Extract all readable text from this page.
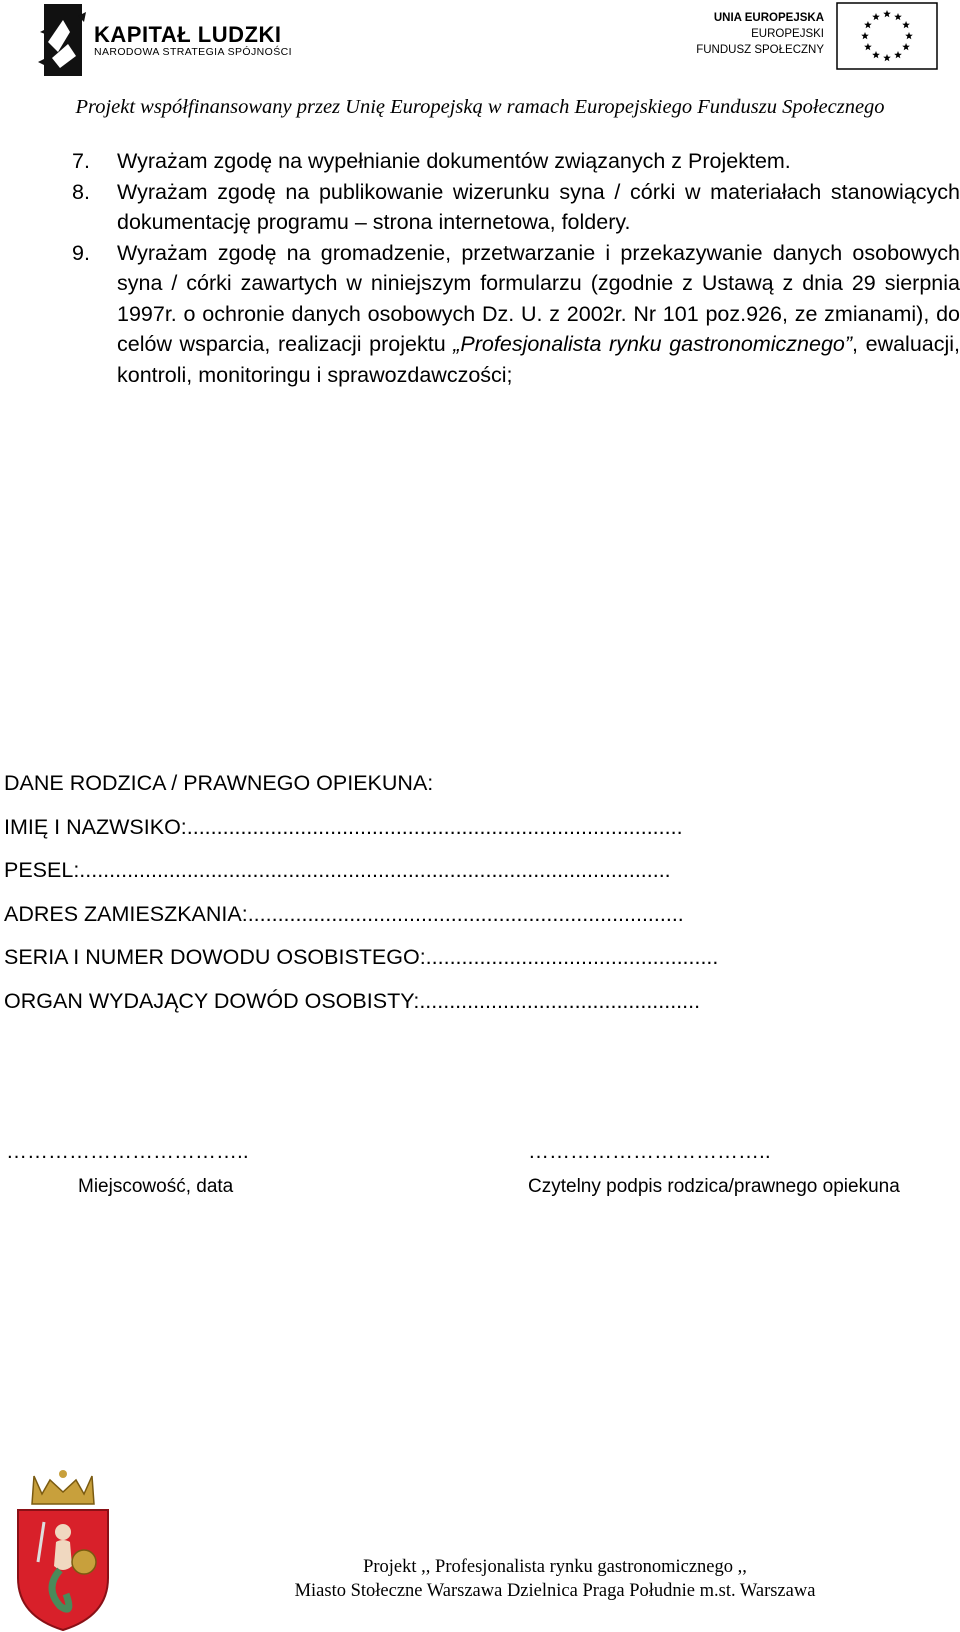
KAPITAŁ LUDZKI
NARODOWA STRATEGIA SPÓJNOŚCI
UNIA EUROPEJSKA
EUROPEJSKI
FUNDUSZ SPOŁECZNY
Projekt współfinansowany przez Unię Europejską w ramach Europejskiego Funduszu Społecznego
7.	Wyrażam zgodę na wypełnianie dokumentów związanych z Projektem.
8.	Wyrażam zgodę na publikowanie wizerunku syna / córki w materiałach stanowiących dokumentację programu – strona internetowa, foldery.
9.	Wyrażam zgodę na gromadzenie, przetwarzanie i przekazywanie danych osobowych syna / córki zawartych w niniejszym formularzu (zgodnie z Ustawą z dnia 29 sierpnia 1997r. o ochronie danych osobowych Dz. U. z 2002r. Nr 101 poz.926, ze zmianami), do celów wsparcia, realizacji projektu „Profesjonalista rynku gastronomicznego”, ewaluacji, kontroli, monitoringu i sprawozdawczości;
DANE RODZICA / PRAWNEGO OPIEKUNA:
IMIĘ I NAZWSIKO:...................................................................................
PESEL:...................................................................................................
ADRES ZAMIESZKANIA:.........................................................................
SERIA I NUMER DOWODU OSOBISTEGO:.................................................
ORGAN WYDAJĄCY DOWÓD OSOBISTY:...............................................
……………………………..
Miejscowość, data
……………………………..
Czytelny podpis rodzica/prawnego opiekuna
Projekt ,, Profesjonalista rynku gastronomicznego ,,
Miasto Stołeczne Warszawa Dzielnica Praga Południe m.st. Warszawa
